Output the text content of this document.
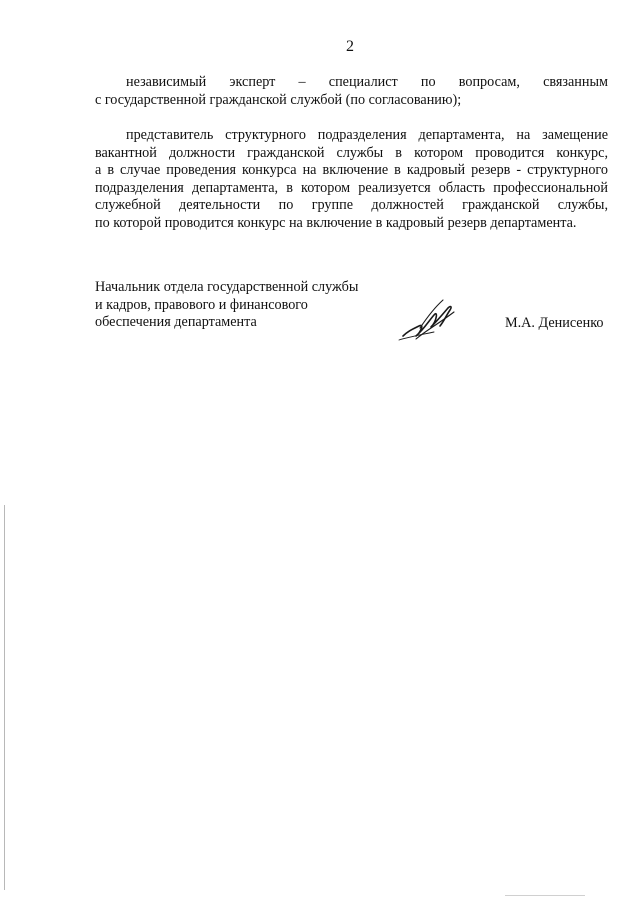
2
независимый эксперт – специалист по вопросам, связанным
с государственной гражданской службой (по согласованию);
представитель структурного подразделения департамента, на замещение
вакантной должности гражданской службы в котором проводится конкурс,
а в случае проведения конкурса на включение в кадровый резерв - структурного
подразделения департамента, в котором реализуется область профессиональной
служебной деятельности по группе должностей гражданской службы,
по которой проводится конкурс на включение в кадровый резерв департамента.
Начальник отдела государственной службы
и кадров, правового и финансового
обеспечения департамента	М.А. Денисенко
